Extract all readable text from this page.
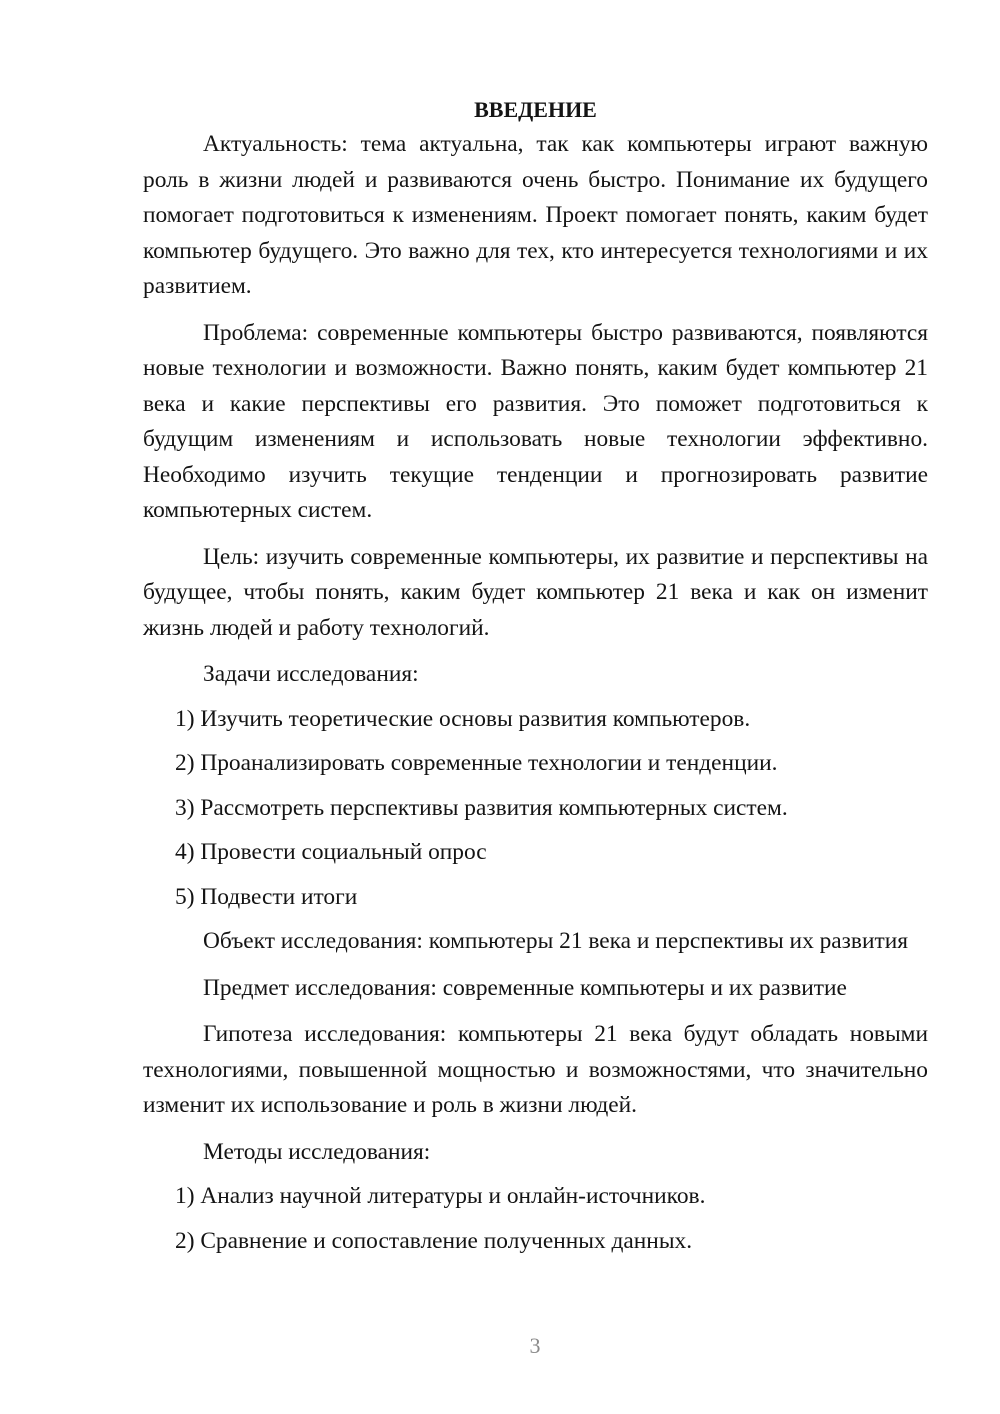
ВВЕДЕНИЕ

Актуальность: тема актуальна, так как компьютеры играют важную роль в жизни людей и развиваются очень быстро. Понимание их будущего помогает подготовиться к изменениям. Проект помогает понять, каким будет компьютер будущего. Это важно для тех, кто интересуется технологиями и их развитием.

Проблема: современные компьютеры быстро развиваются, появляются новые технологии и возможности. Важно понять, каким будет компьютер 21 века и какие перспективы его развития. Это поможет подготовиться к будущим изменениям и использовать новые технологии эффективно. Необходимо изучить текущие тенденции и прогнозировать развитие компьютерных систем.

Цель: изучить современные компьютеры, их развитие и перспективы на будущее, чтобы понять, каким будет компьютер 21 века и как он изменит жизнь людей и работу технологий.

Задачи исследования:

1) Изучить теоретические основы развития компьютеров.

2) Проанализировать современные технологии и тенденции.

3) Рассмотреть перспективы развития компьютерных систем.

4) Провести социальный опрос

5) Подвести итоги

Объект исследования: компьютеры 21 века и перспективы их развития

Предмет исследования: современные компьютеры и их развитие

Гипотеза исследования: компьютеры 21 века будут обладать новыми технологиями, повышенной мощностью и возможностями, что значительно изменит их использование и роль в жизни людей.

Методы исследования:

1) Анализ научной литературы и онлайн-источников.

2) Сравнение и сопоставление полученных данных.

3
